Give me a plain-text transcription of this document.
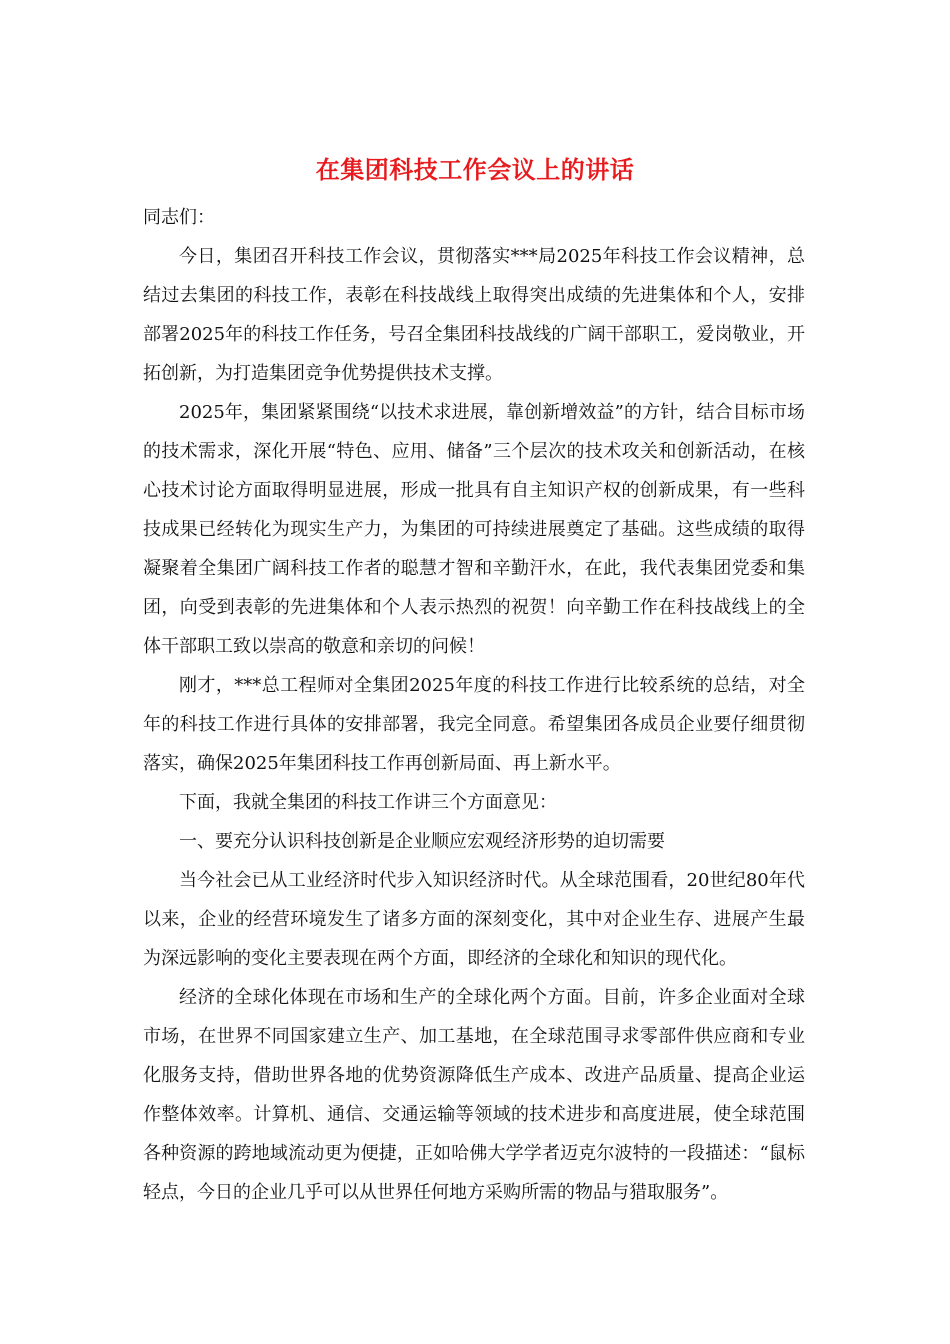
在集团科技工作会议上的讲话

同志们：

今日，集团召开科技工作会议，贯彻落实***局2025年科技工作会议精神，总结过去集团的科技工作，表彰在科技战线上取得突出成绩的先进集体和个人，安排部署2025年的科技工作任务，号召全集团科技战线的广阔干部职工，爱岗敬业，开拓创新，为打造集团竞争优势提供技术支撑。

2025年，集团紧紧围绕“以技术求进展，靠创新增效益”的方针，结合目标市场的技术需求，深化开展“特色、应用、储备”三个层次的技术攻关和创新活动，在核心技术讨论方面取得明显进展，形成一批具有自主知识产权的创新成果，有一些科技成果已经转化为现实生产力，为集团的可持续进展奠定了基础。这些成绩的取得凝聚着全集团广阔科技工作者的聪慧才智和辛勤汗水，在此，我代表集团党委和集团，向受到表彰的先进集体和个人表示热烈的祝贺！向辛勤工作在科技战线上的全体干部职工致以崇高的敬意和亲切的问候！

刚才，***总工程师对全集团2025年度的科技工作进行比较系统的总结，对全年的科技工作进行具体的安排部署，我完全同意。希望集团各成员企业要仔细贯彻落实，确保2025年集团科技工作再创新局面、再上新水平。

下面，我就全集团的科技工作讲三个方面意见：

一、要充分认识科技创新是企业顺应宏观经济形势的迫切需要

当今社会已从工业经济时代步入知识经济时代。从全球范围看，20世纪80年代以来，企业的经营环境发生了诸多方面的深刻变化，其中对企业生存、进展产生最为深远影响的变化主要表现在两个方面，即经济的全球化和知识的现代化。

经济的全球化体现在市场和生产的全球化两个方面。目前，许多企业面对全球市场，在世界不同国家建立生产、加工基地，在全球范围寻求零部件供应商和专业化服务支持，借助世界各地的优势资源降低生产成本、改进产品质量、提高企业运作整体效率。计算机、通信、交通运输等领域的技术进步和高度进展，使全球范围各种资源的跨地域流动更为便捷，正如哈佛大学学者迈克尔波特的一段描述：“鼠标轻点，今日的企业几乎可以从世界任何地方采购所需的物品与猎取服务”。
